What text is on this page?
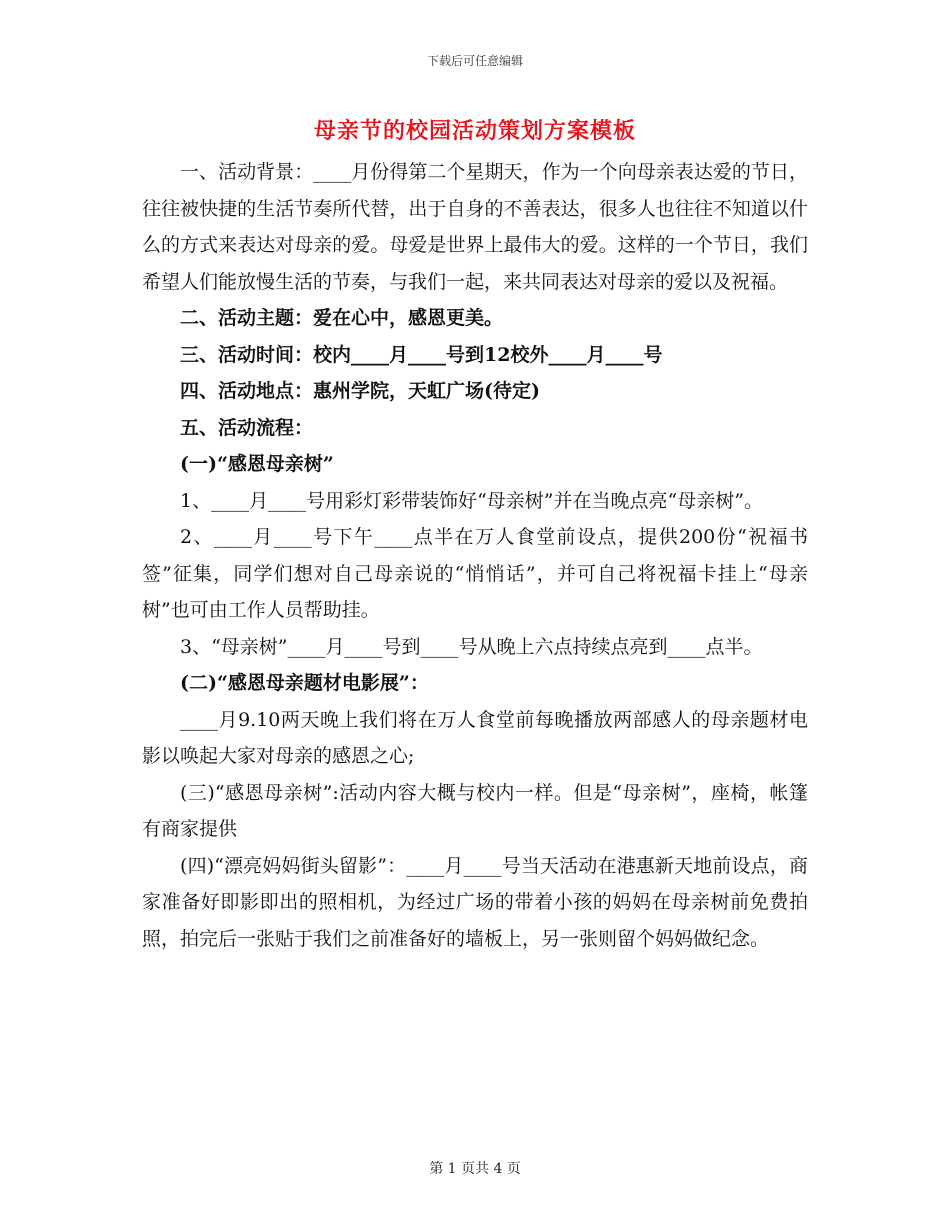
下载后可任意编辑
母亲节的校园活动策划方案模板

一、活动背景：____月份得第二个星期天，作为一个向母亲表达爱的节日，往往被快捷的生活节奏所代替，出于自身的不善表达，很多人也往往不知道以什么的方式来表达对母亲的爱。母爱是世界上最伟大的爱。这样的一个节日，我们希望人们能放慢生活的节奏，与我们一起，来共同表达对母亲的爱以及祝福。

二、活动主题：爱在心中，感恩更美。

三、活动时间：校内____月____号到12校外____月____号

四、活动地点：惠州学院，天虹广场(待定)

五、活动流程：

(一)“感恩母亲树”

1、____月____号用彩灯彩带装饰好“母亲树”并在当晚点亮“母亲树”。

2、____月____号下午____点半在万人食堂前设点，提供200份“祝福书签”征集，同学们想对自己母亲说的“悄悄话”，并可自己将祝福卡挂上“母亲树”也可由工作人员帮助挂。

3、“母亲树”____月____号到____号从晚上六点持续点亮到____点半。

(二)“感恩母亲题材电影展”：

____月9.10两天晚上我们将在万人食堂前每晚播放两部感人的母亲题材电影以唤起大家对母亲的感恩之心;

(三)“感恩母亲树”:活动内容大概与校内一样。但是“母亲树”，座椅，帐篷有商家提供

(四)“漂亮妈妈街头留影”：____月____号当天活动在港惠新天地前设点，商家准备好即影即出的照相机，为经过广场的带着小孩的妈妈在母亲树前免费拍照，拍完后一张贴于我们之前准备好的墙板上，另一张则留个妈妈做纪念。

第 1 页共 4 页
